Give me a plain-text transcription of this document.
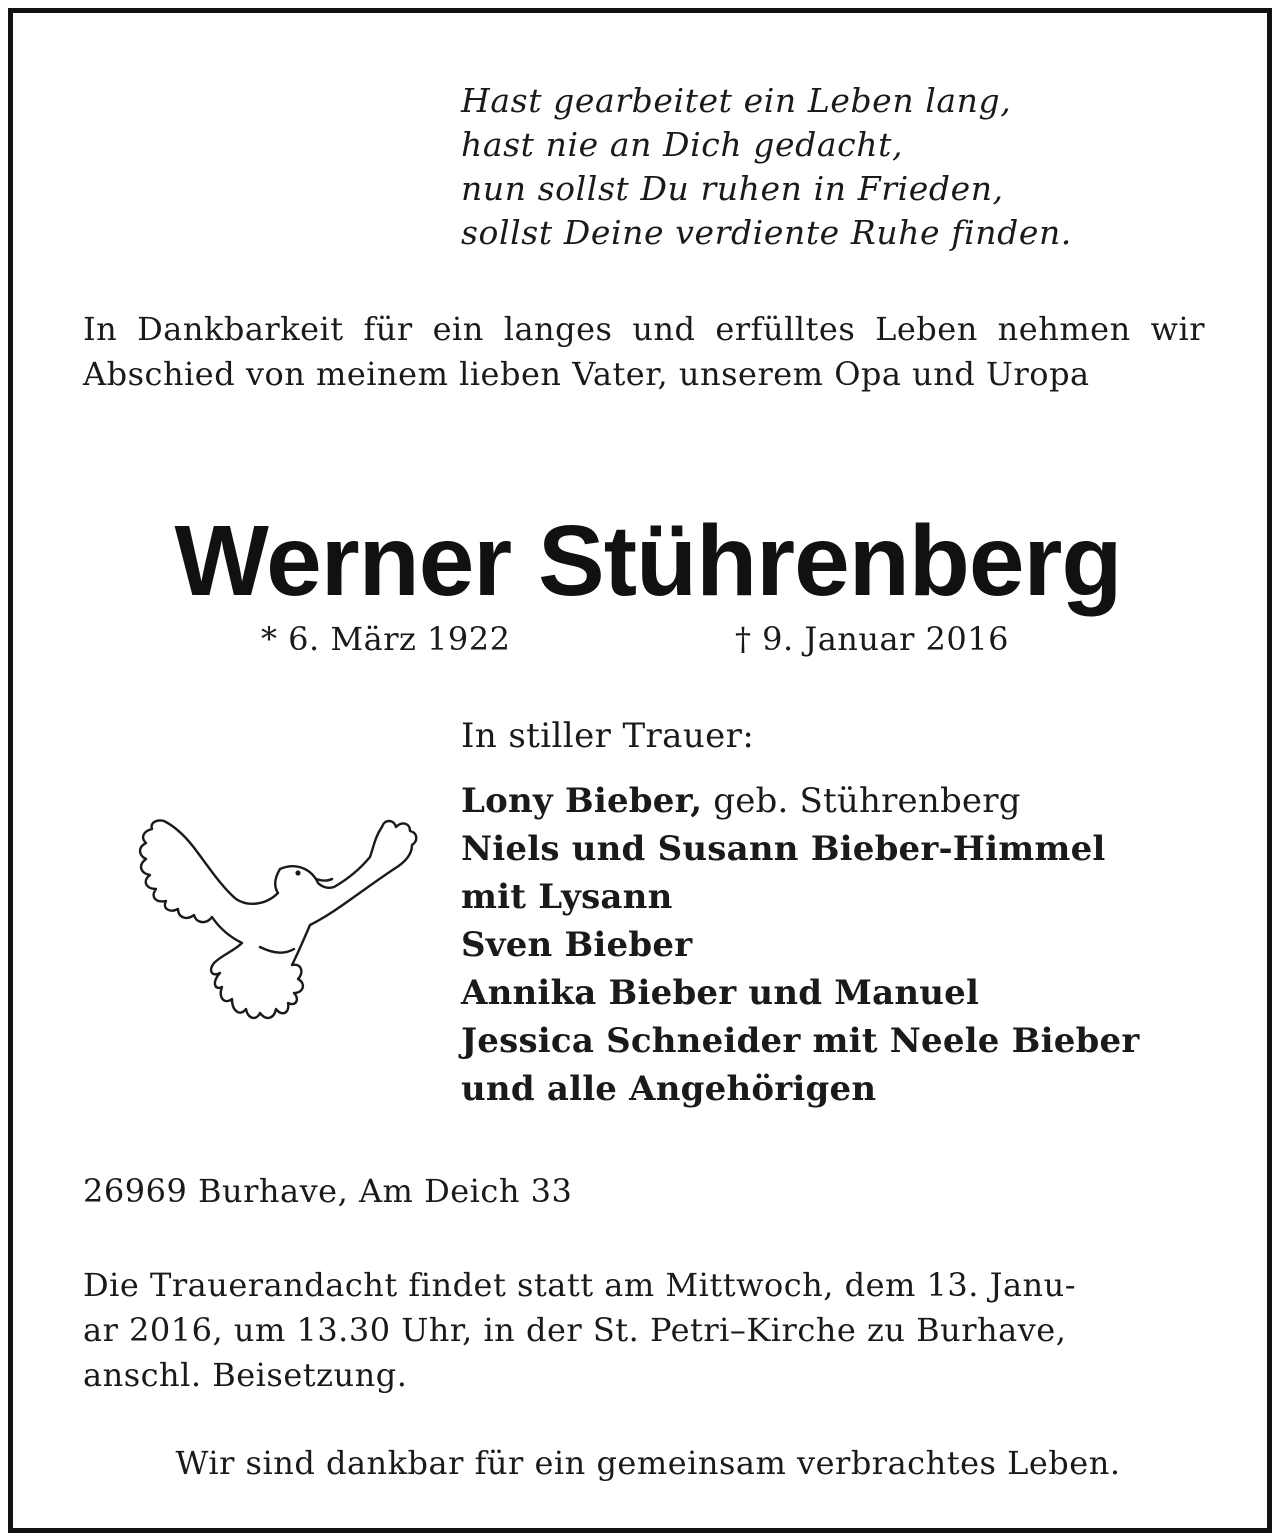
Hast gearbeitet ein Leben lang,
hast nie an Dich gedacht,
nun sollst Du ruhen in Frieden,
sollst Deine verdiente Ruhe finden.
In Dankbarkeit für ein langes und erfülltes Leben nehmen wir Abschied von meinem lieben Vater, unserem Opa und Uropa
Werner Stührenberg
* 6. März 1922	† 9. Januar 2016
In stiller Trauer:
Lony Bieber, geb. Stührenberg
Niels und Susann Bieber-Himmel
mit Lysann
Sven Bieber
Annika Bieber und Manuel
Jessica Schneider mit Neele Bieber
und alle Angehörigen
26969 Burhave, Am Deich 33
Die Trauerandacht findet statt am Mittwoch, dem 13. Janu-
ar 2016, um 13.30 Uhr, in der St. Petri–Kirche zu Burhave,
anschl. Beisetzung.
Wir sind dankbar für ein gemeinsam verbrachtes Leben.
